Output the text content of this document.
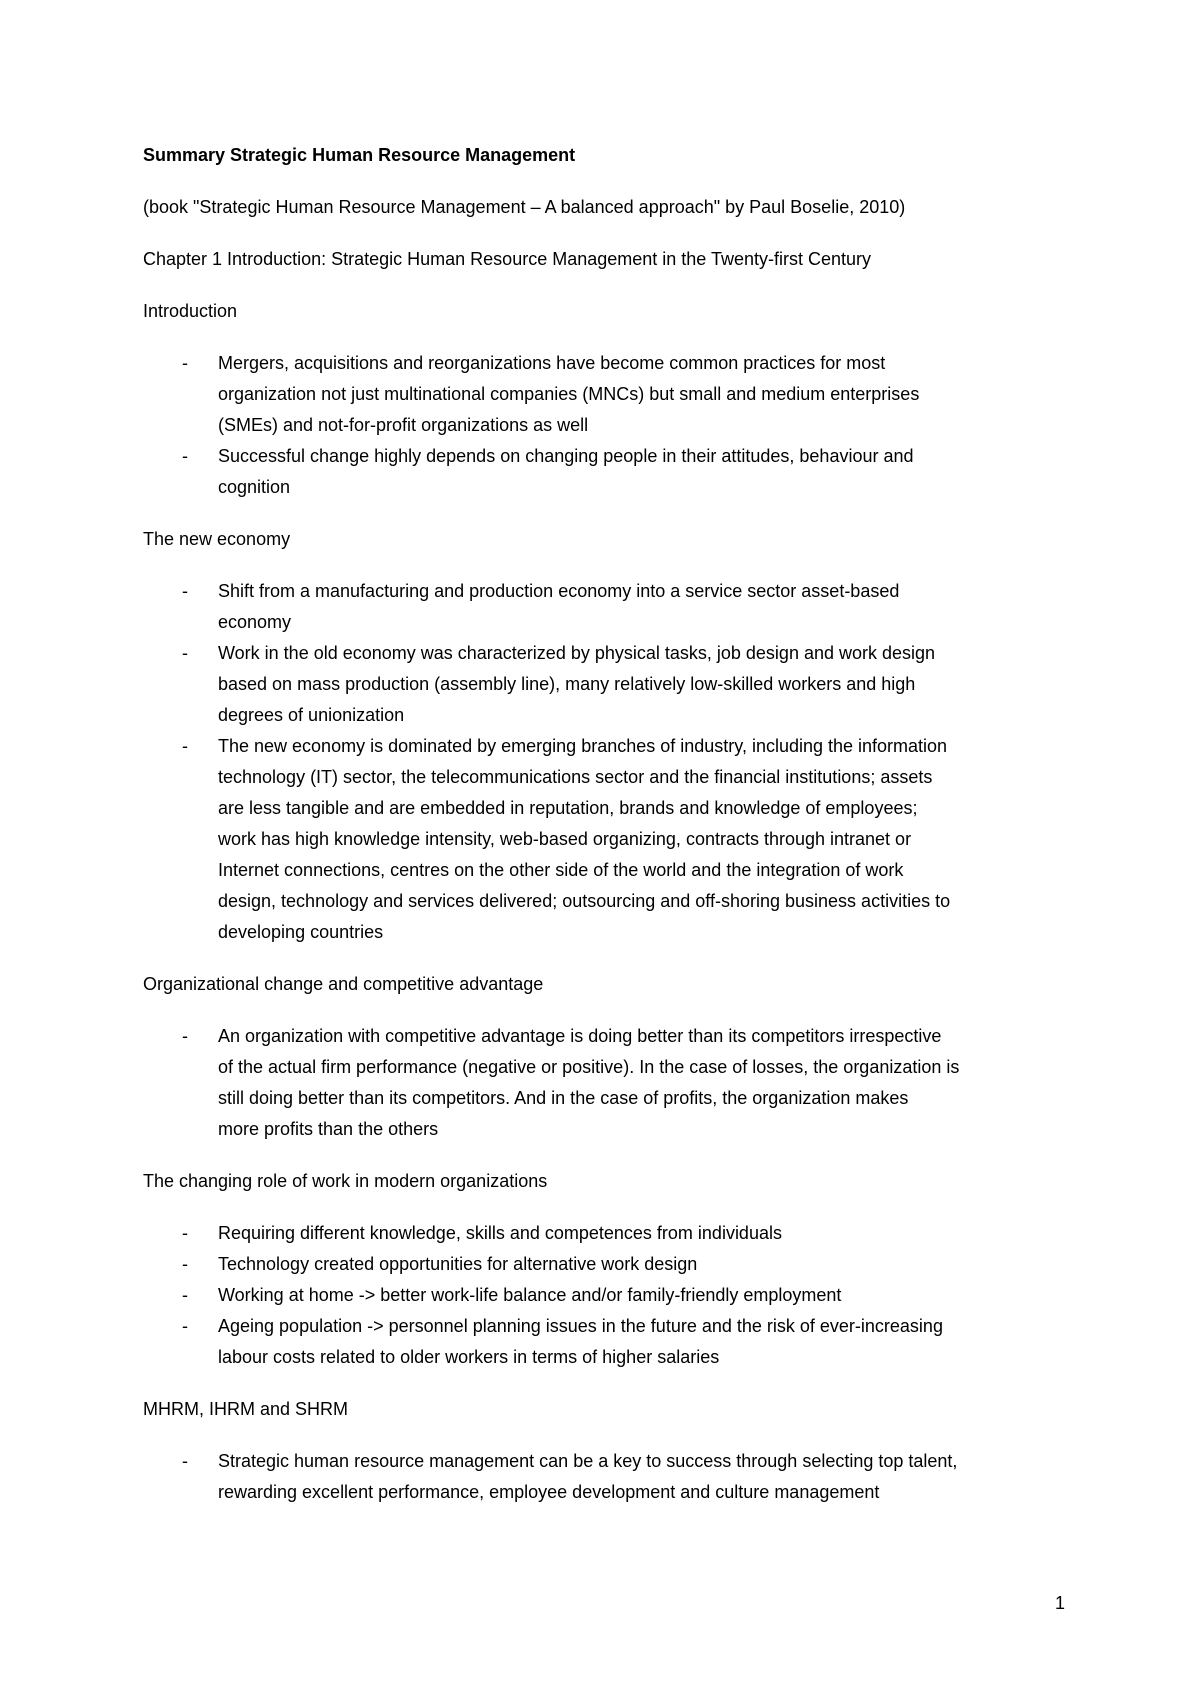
Summary Strategic Human Resource Management
(book "Strategic Human Resource Management – A balanced approach" by Paul Boselie, 2010)
Chapter 1 Introduction: Strategic Human Resource Management in the Twenty-first Century
Introduction
- Mergers, acquisitions and reorganizations have become common practices for most
organization not just multinational companies (MNCs) but small and medium enterprises
(SMEs) and not-for-profit organizations as well
- Successful change highly depends on changing people in their attitudes, behaviour and
cognition
The new economy
- Shift from a manufacturing and production economy into a service sector asset-based
economy
- Work in the old economy was characterized by physical tasks, job design and work design
based on mass production (assembly line), many relatively low-skilled workers and high
degrees of unionization
- The new economy is dominated by emerging branches of industry, including the information
technology (IT) sector, the telecommunications sector and the financial institutions; assets
are less tangible and are embedded in reputation, brands and knowledge of employees;
work has high knowledge intensity, web-based organizing, contracts through intranet or
Internet connections, centres on the other side of the world and the integration of work
design, technology and services delivered; outsourcing and off-shoring business activities to
developing countries
Organizational change and competitive advantage
- An organization with competitive advantage is doing better than its competitors irrespective
of the actual firm performance (negative or positive). In the case of losses, the organization is
still doing better than its competitors. And in the case of profits, the organization makes
more profits than the others
The changing role of work in modern organizations
- Requiring different knowledge, skills and competences from individuals
- Technology created opportunities for alternative work design
- Working at home -> better work-life balance and/or family-friendly employment
- Ageing population -> personnel planning issues in the future and the risk of ever-increasing
labour costs related to older workers in terms of higher salaries
MHRM, IHRM and SHRM
- Strategic human resource management can be a key to success through selecting top talent,
rewarding excellent performance, employee development and culture management
1
